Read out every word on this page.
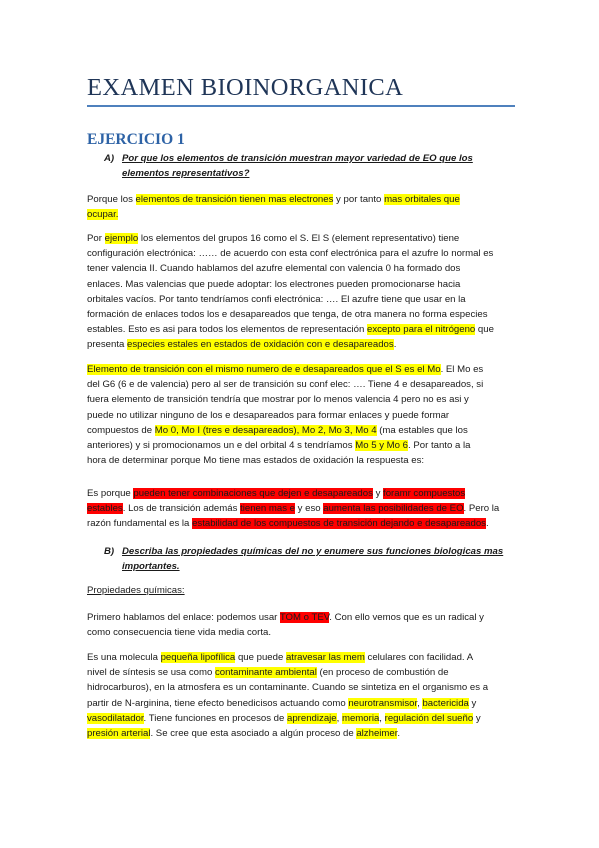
EXAMEN BIOINORGANICA
EJERCICIO 1
A) Por que los elementos de transición muestran mayor variedad de EO que los
elementos representativos?
Porque los elementos de transición tienen mas electrones y por tanto mas orbitales que
ocupar.
Por ejemplo los elementos del grupos 16 como el S. El S (element representativo) tiene
configuración electrónica: …… de acuerdo con esta conf electrónica para el azufre lo normal es
tener valencia II. Cuando hablamos del azufre elemental con valencia 0 ha formado dos
enlaces. Mas valencias que puede adoptar: los electrones pueden promocionarse hacia
orbitales vacíos. Por tanto tendríamos confi electrónica: …. El azufre tiene que usar en la
formación de enlaces todos los e desapareados que tenga, de otra manera no forma especies
estables. Esto es asi para todos los elementos de representación excepto para el nitrógeno que
presenta especies estales en estados de oxidación con e desapareados.
Elemento de transición con el mismo numero de e desapareados que el S es el Mo. El Mo es
del G6 (6 e de valencia) pero al ser de transición su conf elec: …. Tiene 4 e desapareados, si
fuera elemento de transición tendría que mostrar por lo menos valencia 4 pero no es asi y
puede no utilizar ninguno de los e desapareados para formar enlaces y puede formar
compuestos de Mo 0, Mo I (tres e desapareados), Mo 2, Mo 3, Mo 4 (ma estables que los
anteriores) y si promocionamos un e del orbital 4 s tendríamos Mo 5 y Mo 6. Por tanto a la
hora de determinar porque Mo tiene mas estados de oxidación la respuesta es:
Es porque pueden tener combinaciones que dejen e desapareados y foramr compuestos
estables. Los de transición además tienen mas e y eso aumenta las posibilidades de EO. Pero la
razón fundamental es la estabilidad de los compuestos de transición dejando e desapareados.
B) Describa las propiedades químicas del no y enumere sus funciones biologicas mas
importantes.
Propiedades químicas:
Primero hablamos del enlace: podemos usar TOM o TEV. Con ello vemos que es un radical y
como consecuencia tiene vida media corta.
Es una molecula pequeña lipofílica que puede atravesar las mem celulares con facilidad. A
nivel de síntesis se usa como contaminante ambiental (en proceso de combustión de
hidrocarburos), en la atmosfera es un contaminante. Cuando se sintetiza en el organismo es a
partir de N-arginina, tiene efecto benedicisos actuando como neurotransmisor, bactericida y
vasodilatador. Tiene funciones en procesos de aprendizaje, memoria, regulación del sueño y
presión arterial. Se cree que esta asociado a algún proceso de alzheimer.
